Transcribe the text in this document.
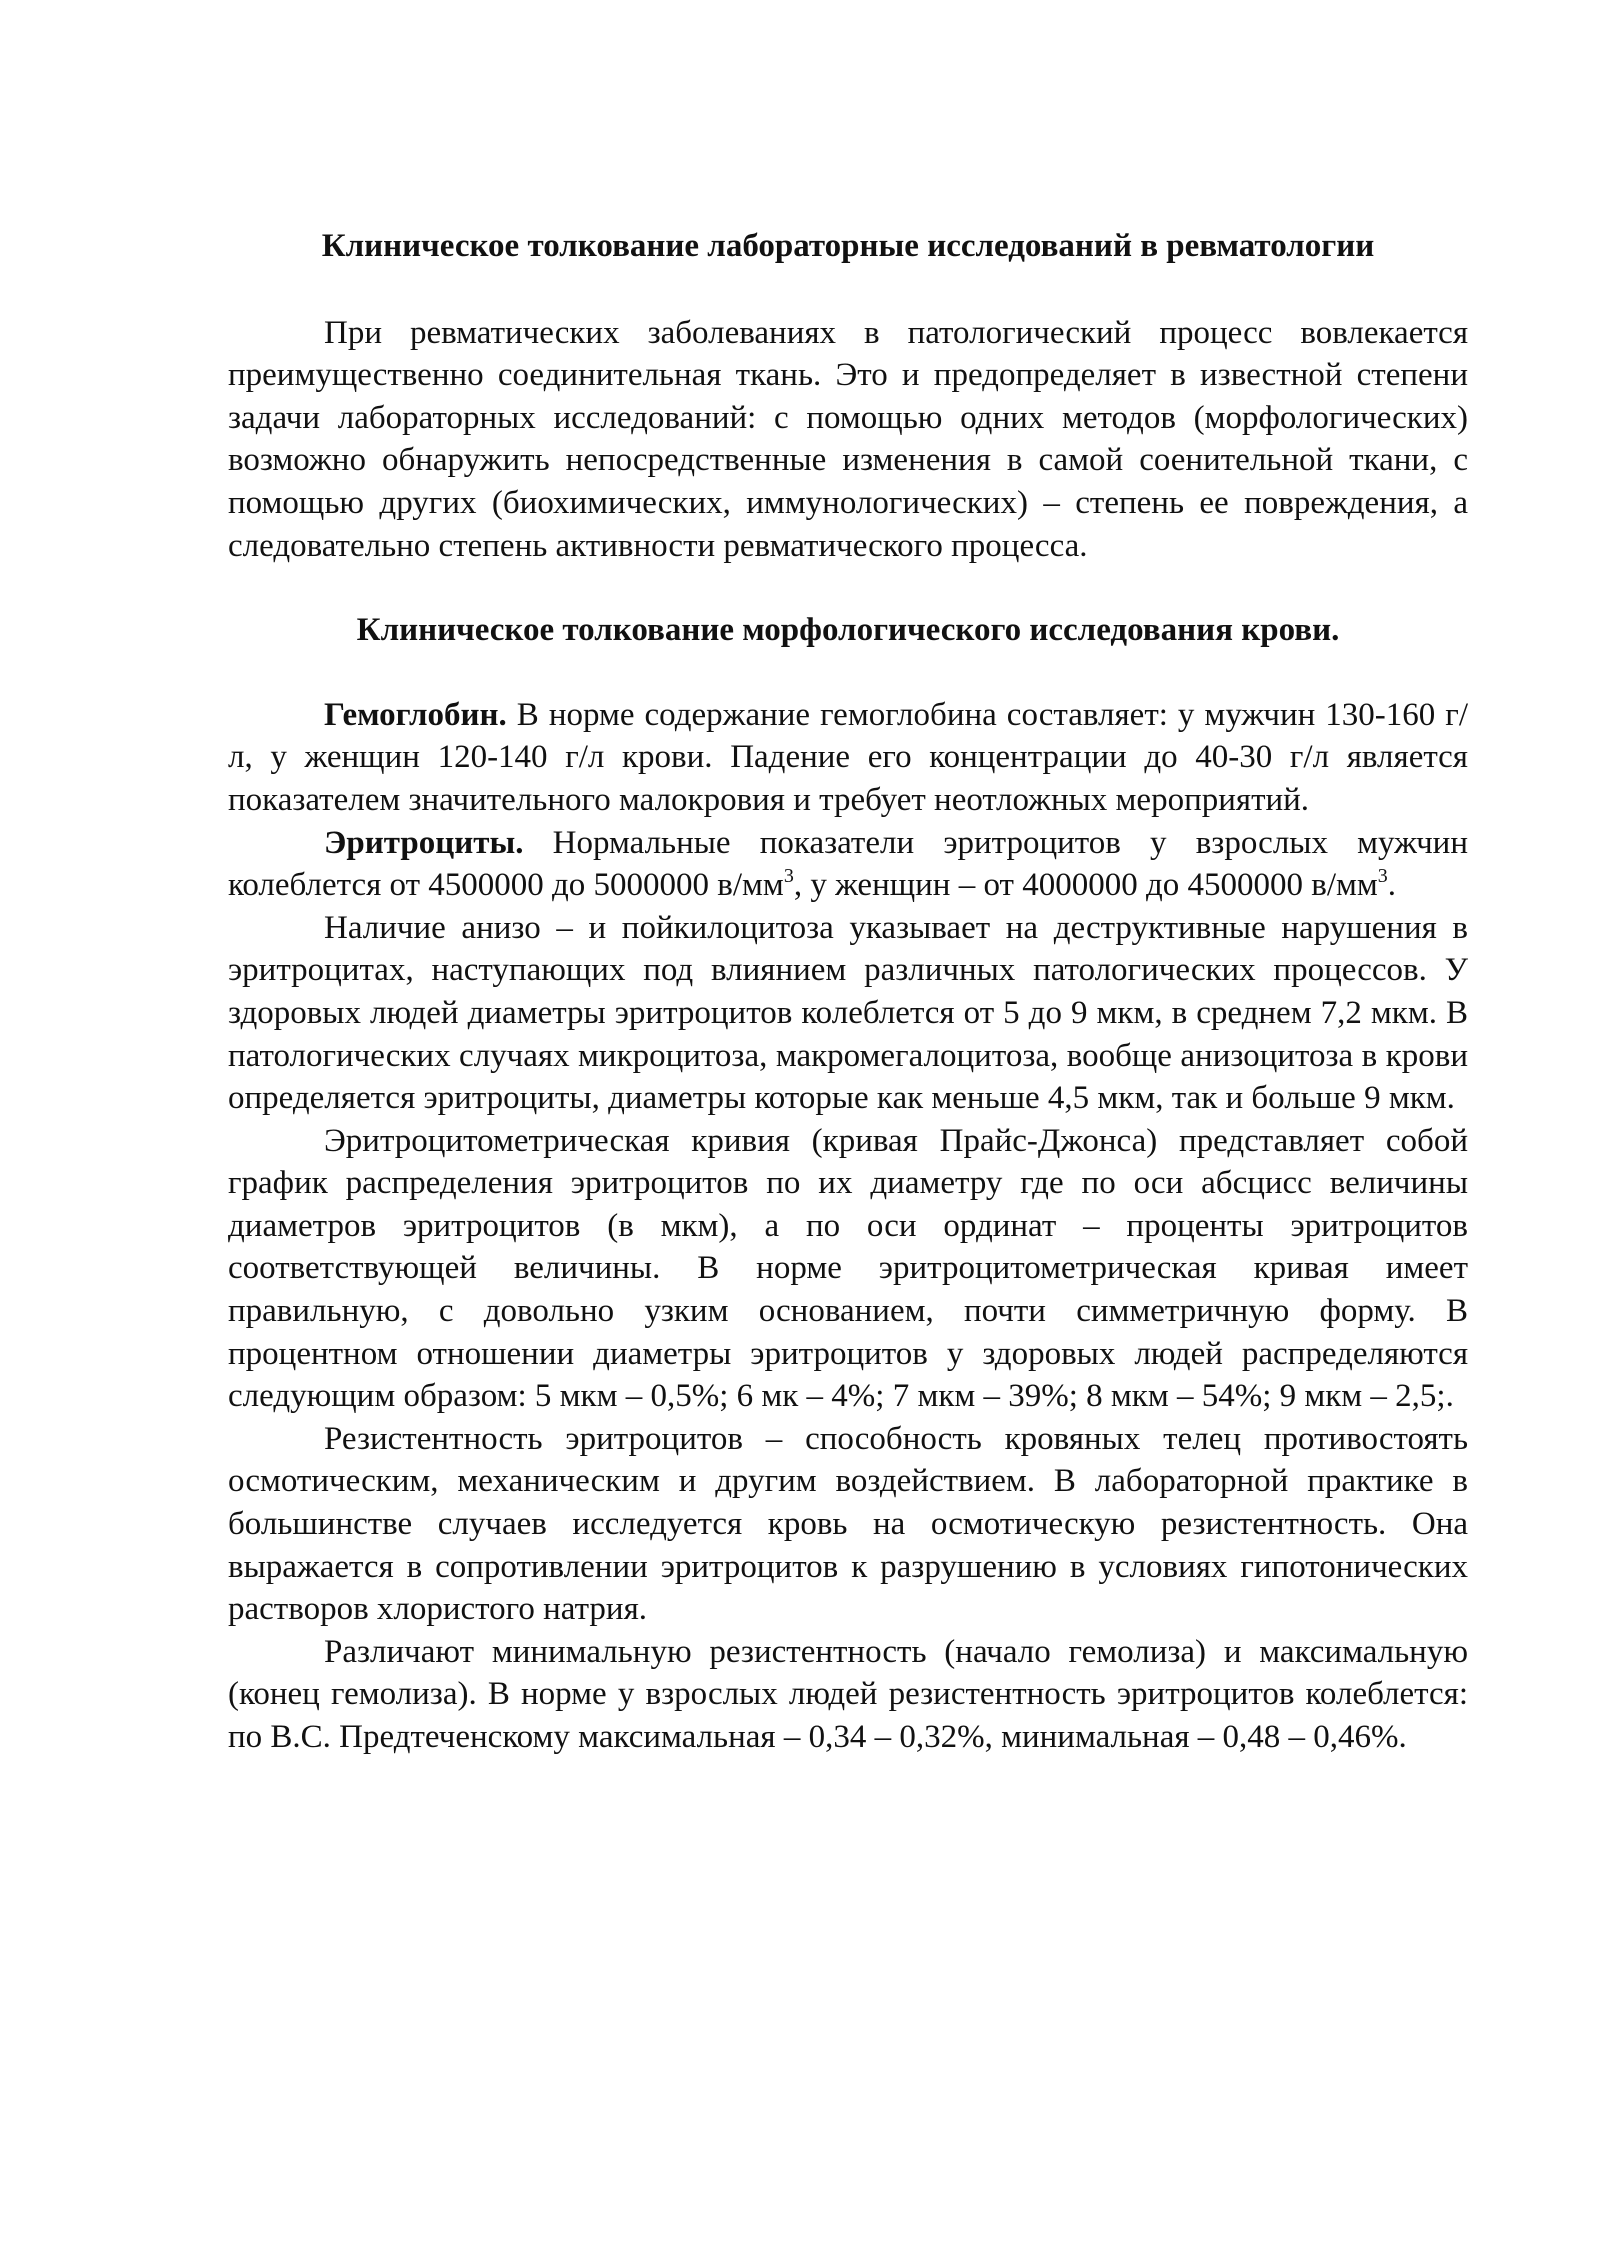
Клиническое толкование лабораторные исследований в ревматологии

При ревматических заболеваниях в патологический процесс вовлекается преимущественно соединительная ткань. Это и предопределяет в известной степени задачи лабораторных исследований: с помощью одних методов (морфологических) возможно обнаружить непосредственные изменения в самой соенительной ткани, с помощью других (биохимических, иммунологических) – степень ее повреждения, а следовательно степень активности ревматического процесса.

Клиническое толкование морфологического исследования крови.

Гемоглобин. В норме содержание гемоглобина составляет: у мужчин 130-160 г/л, у женщин 120-140 г/л крови. Падение его концентрации до 40-30 г/л является показателем значительного малокровия и требует неотложных мероприятий.

Эритроциты. Нормальные показатели эритроцитов у взрослых мужчин колеблется от 4500000 до 5000000 $в/мм^3$, у женщин – от 4000000 до 4500000 $в/мм^3$.

Наличие анизо – и пойкилоцитоза указывает на деструктивные нарушения в эритроцитах, наступающих под влиянием различных патологических процессов. У здоровых людей диаметры эритроцитов колеблется от 5 до 9 мкм, в среднем 7,2 мкм. В патологических случаях микроцитоза, макромегалоцитоза, вообще анизоцитоза в крови определяется эритроциты, диаметры которые как меньше 4,5 мкм, так и больше 9 мкм.

Эритроцитометрическая кривия (кривая Прайс-Джонса) представляет собой график распределения эритроцитов по их диаметру где по оси абсцисс величины диаметров эритроцитов (в мкм), а по оси ординат – проценты эритроцитов соответствующей величины. В норме эритроцитометрическая кривая имеет правильную, с довольно узким основанием, почти симметричную форму. В процентном отношении диаметры эритроцитов у здоровых людей распределяются следующим образом: 5 мкм – 0,5%; 6 мк – 4%; 7 мкм – 39%; 8 мкм – 54%; 9 мкм – 2,5;.

Резистентность эритроцитов – способность кровяных телец противостоять осмотическим, механическим и другим воздействием. В лабораторной практике в большинстве случаев исследуется кровь на осмотическую резистентность. Она выражается в сопротивлении эритроцитов к разрушению в условиях гипотонических растворов хлористого натрия.

Различают минимальную резистентность (начало гемолиза) и максимальную (конец гемолиза). В норме у взрослых людей резистентность эритроцитов колеблется: по В.С. Предтеченскому максимальная – 0,34 – 0,32%, минимальная – 0,48 – 0,46%.
